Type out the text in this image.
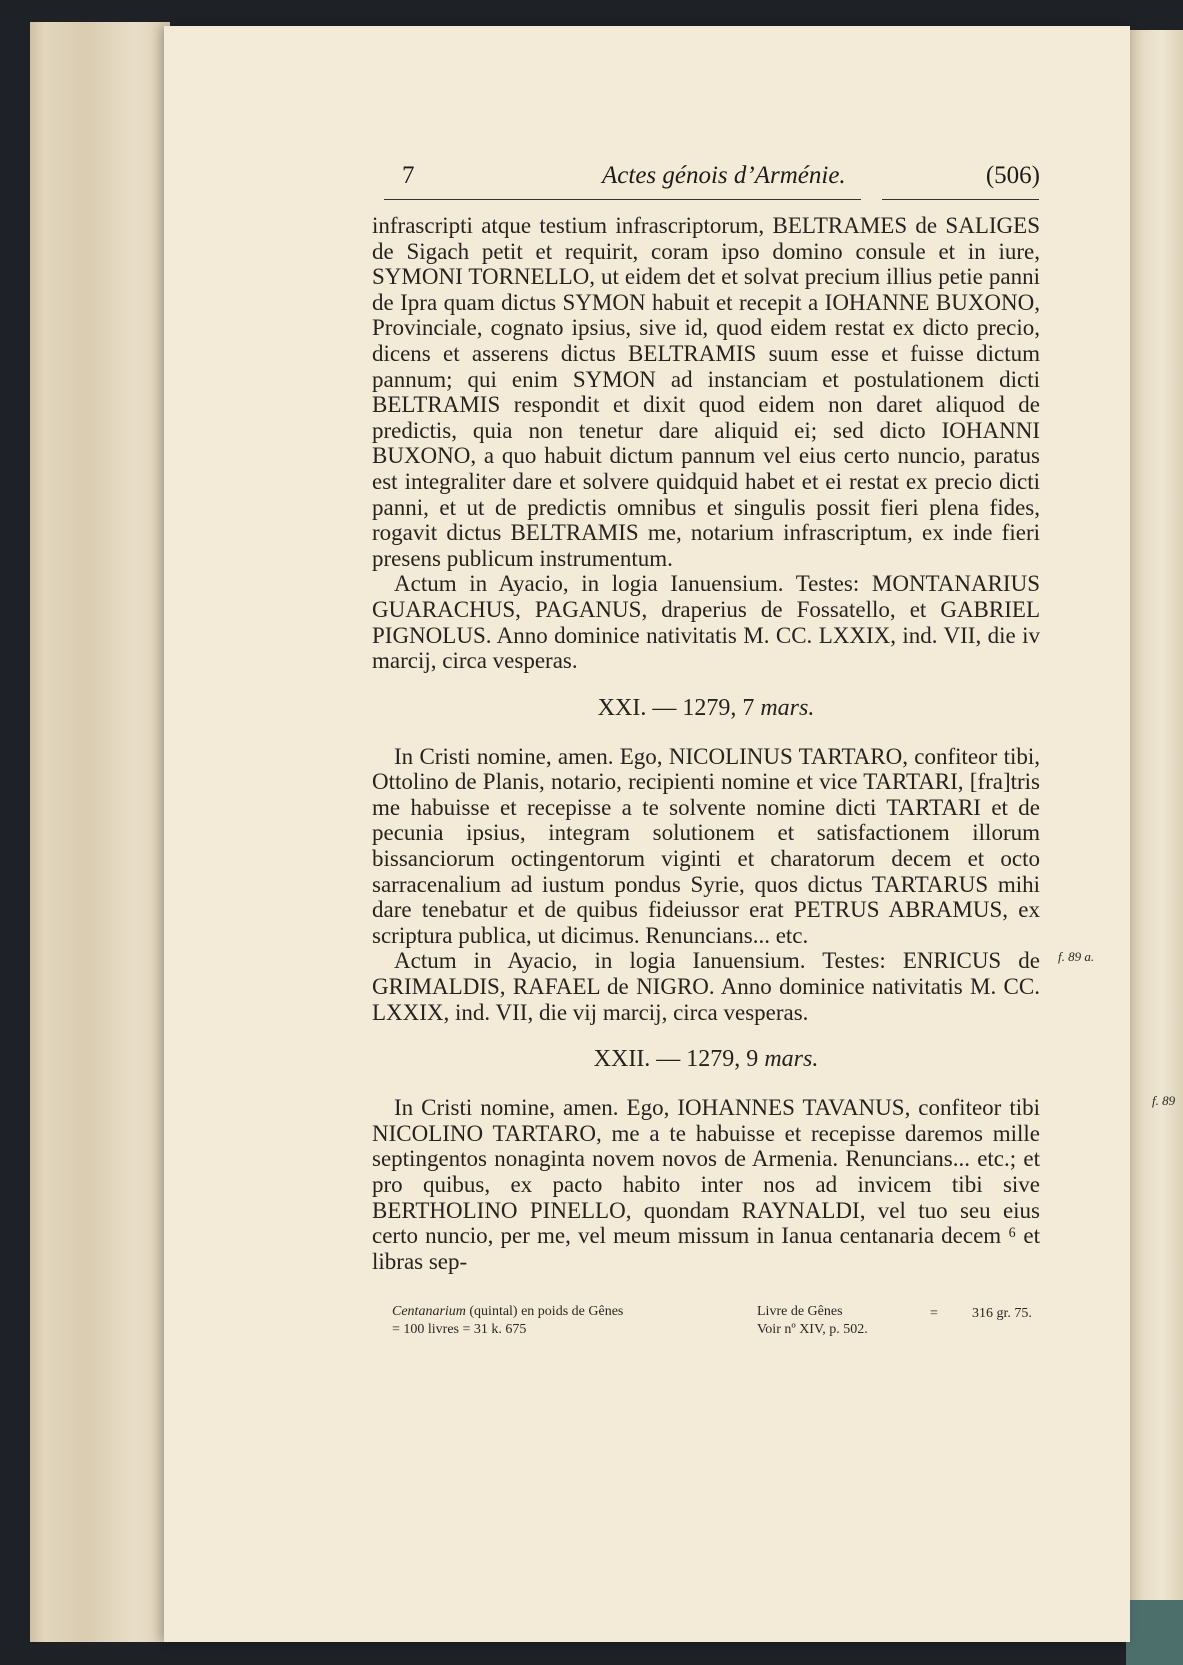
7	Actes génois d’Arménie.	(506)

infrascripti atque testium infrascriptorum, BELTRAMES de SALIGES de Sigach petit et requirit, coram ipso domino consule et in iure, SYMONI TORNELLO, ut eidem det et solvat precium illius petie panni de Ipra quam dictus SYMON habuit et recepit a IOHANNE BUXONO, Provinciale, cognato ipsius, sive id, quod eidem restat ex dicto precio, dicens et asserens dictus BELTRAMIS suum esse et fuisse dictum pannum; qui enim SYMON ad instanciam et postulationem dicti BELTRAMIS respondit et dixit quod eidem non daret aliquod de predictis, quia non tenetur dare aliquid ei; sed dicto IOHANNI BUXONO, a quo habuit dictum pannum vel eius certo nuncio, paratus est integraliter dare et solvere quidquid habet et ei restat ex precio dicti panni, et ut de predictis omnibus et singulis possit fieri plena fides, rogavit dictus BELTRAMIS me, notarium infrascriptum, ex inde fieri presens publicum instrumentum.

Actum in Ayacio, in logia Ianuensium. Testes: MONTANARIUS GUARACHUS, PAGANUS, draperius de Fossatello, et GABRIEL PIGNOLUS. Anno dominice nativitatis M. CC. LXXIX, ind. VII, die iv marcij, circa vesperas.

XXI. — 1279, 7 mars.

In Cristi nomine, amen. Ego, NICOLINUS TARTARO, confiteor tibi, Ottolino de Planis, notario, recipienti nomine et vice TARTARI, [fra]tris me habuisse et recepisse a te solvente nomine dicti TARTARI et de pecunia ipsius, integram solutionem et satisfactionem illorum bissanciorum octingentorum viginti et charatorum decem et octo sarracenalium ad iustum pondus Syrie, quos dictus TARTARUS mihi dare tenebatur et de quibus fideiussor erat PETRUS ABRAMUS, ex scriptura publica, ut dicimus. Renuncians... etc.

Actum in Ayacio, in logia Ianuensium. Testes: ENRICUS de GRIMALDIS, RAFAEL de NIGRO. Anno dominice nativitatis M. CC. LXXIX, ind. VII, die vij marcij, circa vesperas.

XXII. — 1279, 9 mars.

In Cristi nomine, amen. Ego, IOHANNES TAVANUS, confiteor tibi NICOLINO TARTARO, me a te habuisse et recepisse daremos mille septingentos nonaginta novem novos de Armenia. Renuncians... etc.; et pro quibus, ex pacto habito inter nos ad invicem tibi sive BERTHOLINO PINELLO, quondam RAYNALDI, vel tuo seu eius certo nuncio, per me, vel meum missum in Ianua centanaria decem ⁶ et libras sep-

Centanarium (quintal) en poids de Gênes
= 100 livres = 31 k. 675
Livre de Gênes
Voir nº XIV, p. 502.
= 316 gr. 75.
f. 89 a.
f. 89
